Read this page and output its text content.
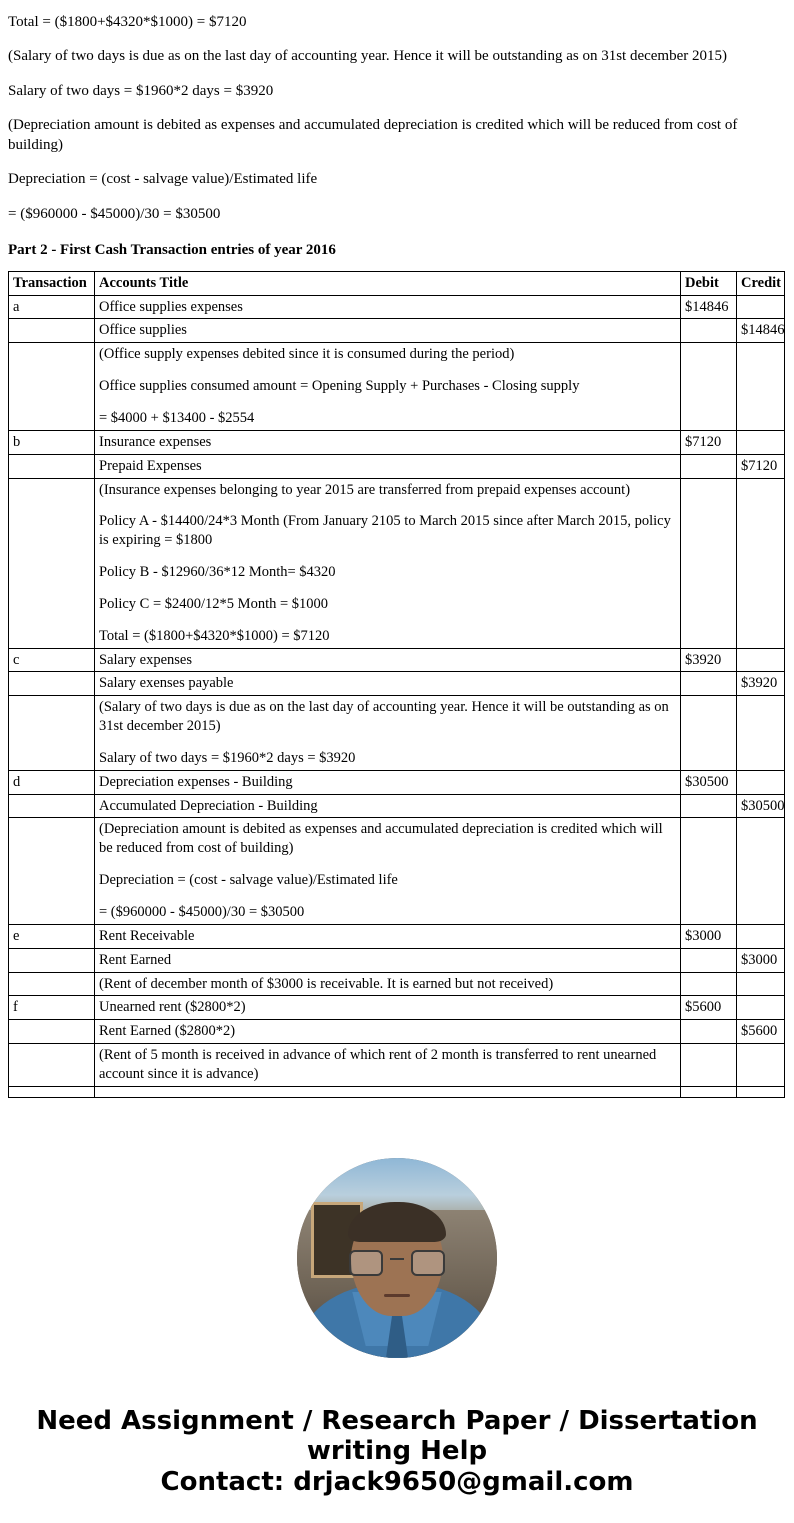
Total = ($1800+$4320*$1000) = $7120

(Salary of two days is due as on the last day of accounting year. Hence it will be outstanding as on 31st december 2015)

Salary of two days = $1960*2 days = $3920

(Depreciation amount is debited as expenses and accumulated depreciation is credited which will be reduced from cost of building)

Depreciation = (cost - salvage value)/Estimated life

= ($960000 - $45000)/30 = $30500

Part 2 - First Cash Transaction entries of year 2016
Transaction	Accounts Title	Debit	Credit
a	Office supplies expenses	$14846	
	Office supplies		$14846

	(Office supply expenses debited since it is consumed during the period)

Office supplies consumed amount = Opening Supply + Purchases - Closing supply

= $4000 + $13400 - $2554		

b	Insurance expenses	$7120	
	Prepaid Expenses		$7120

	(Insurance expenses belonging to year 2015 are transferred from prepaid expenses account)

Policy A - $14400/24*3 Month (From January 2105 to March 2015 since after March 2015, policy is expiring = $1800

Policy B - $12960/36*12 Month= $4320

Policy C = $2400/12*5 Month = $1000

Total = ($1800+$4320*$1000) = $7120		

c	Salary expenses	$3920	
	Salary exenses payable		$3920

	(Salary of two days is due as on the last day of accounting year. Hence it will be outstanding as on 31st december 2015)

Salary of two days = $1960*2 days = $3920		

d	Depreciation expenses - Building	$30500	
	Accumulated Depreciation - Building		$30500

	(Depreciation amount is debited as expenses and accumulated depreciation is credited which will be reduced from cost of building)

Depreciation = (cost - salvage value)/Estimated life

= ($960000 - $45000)/30 = $30500		

e	Rent Receivable	$3000	
	Rent Earned		$3000

	(Rent of december month of $3000 is receivable. It is earned but not received)		

f	Unearned rent ($2800*2)	$5600	
	Rent Earned ($2800*2)		$5600

	(Rent of 5 month is received in advance of which rent of 2 month is transferred to rent unearned account since it is advance)		

Need Assignment / Research Paper / Dissertation
writing Help
Contact: drjack9650@gmail.com
